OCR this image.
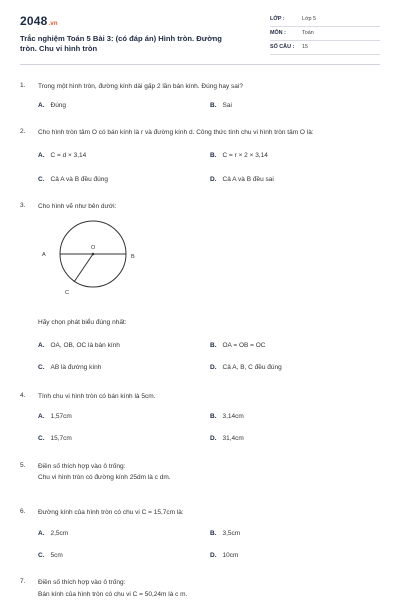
2048.vn
Trắc nghiệm Toán 5 Bài 3: (có đáp án) Hình tròn. Đường tròn. Chu vi hình tròn
LỚP :	Lớp 5
MÔN :	Toán
SỐ CÂU : 15
1. Trong một hình tròn, đường kính dài gấp 2 lần bán kính. Đúng hay sai?
A. Đúng	B. Sai
2. Cho hình tròn tâm O có bán kính là r và đường kính d. Công thức tính chu vi hình tròn tâm O là:
A. C = d × 3,14	B. C = r × 2 × 3,14
C. Cả A và B đều đúng	D. Cả A và B đều sai
3. Cho hình vẽ như bên dưới:
A	B
O
C
Hãy chọn phát biểu đúng nhất:
A. OA, OB, OC là bán kính	B. OA = OB = OC
C. AB là đường kính	D. Cả A, B, C đều đúng
4. Tính chu vi hình tròn có bán kính là 5cm.
A. 1,57cm	B. 3,14cm
C. 15,7cm	D. 31,4cm
5. Điền số thích hợp vào ô trống:
Chu vi hình tròn có đường kính 25dm là c dm.
6. Đường kính của hình tròn có chu vi C = 15,7cm là:
A. 2,5cm	B. 3,5cm
C. 5cm	D. 10cm
7. Điền số thích hợp vào ô trống:
Bán kính của hình tròn có chu vi C = 50,24m là c m.
